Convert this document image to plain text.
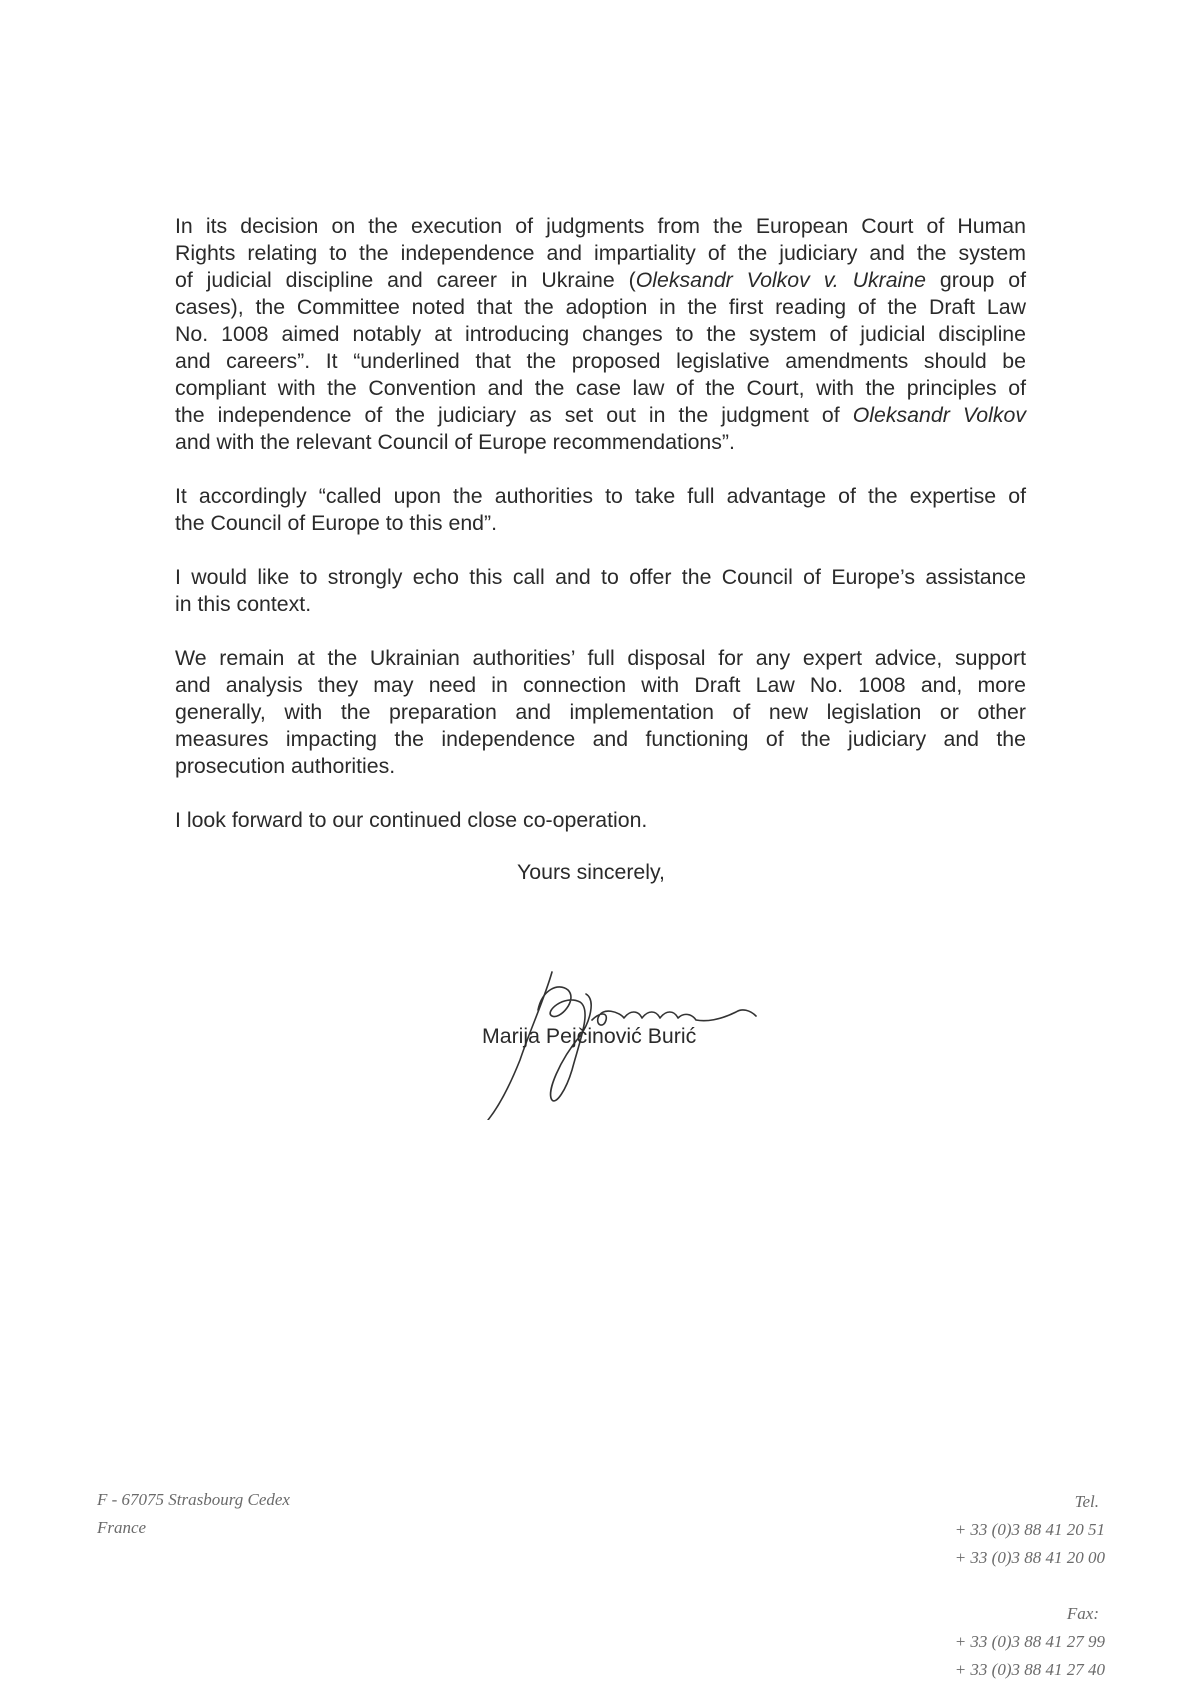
In its decision on the execution of judgments from the European Court of Human
Rights relating to the independence and impartiality of the judiciary and the system
of judicial discipline and career in Ukraine (Oleksandr Volkov v. Ukraine group of
cases), the Committee noted that the adoption in the first reading of the Draft Law
No. 1008 aimed notably at introducing changes to the system of judicial discipline
and careers”. It “underlined that the proposed legislative amendments should be
compliant with the Convention and the case law of the Court, with the principles of
the independence of the judiciary as set out in the judgment of Oleksandr Volkov
and with the relevant Council of Europe recommendations”.
It accordingly “called upon the authorities to take full advantage of the expertise of
the Council of Europe to this end”.
I would like to strongly echo this call and to offer the Council of Europe’s assistance
in this context.
We remain at the Ukrainian authorities’ full disposal for any expert advice, support
and analysis they may need in connection with Draft Law No. 1008 and, more
generally, with the preparation and implementation of new legislation or other
measures impacting the independence and functioning of the judiciary and the
prosecution authorities.
I look forward to our continued close co-operation.
Yours sincerely,
Marija Pejčinović Burić
F - 67075 Strasbourg Cedex
France
Tel.
+ 33 (0)3 88 41 20 51
+ 33 (0)3 88 41 20 00
Fax:
+ 33 (0)3 88 41 27 99
+ 33 (0)3 88 41 27 40
